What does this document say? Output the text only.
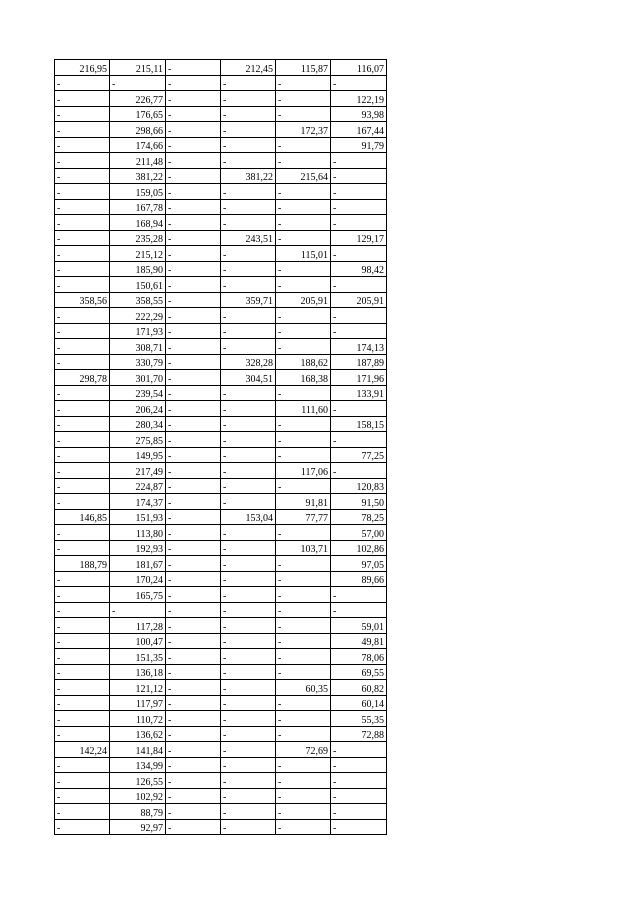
216,95	215,11	-	212,45	115,87	116,07
-	-	-	-	-	-
-	226,77	-	-	-	122,19
-	176,65	-	-	-	93,98
-	298,66	-	-	172,37	167,44
-	174,66	-	-	-	91,79
-	211,48	-	-	-	-
-	381,22	-	381,22	215,64	-
-	159,05	-	-	-	-
-	167,78	-	-	-	-
-	168,94	-	-	-	-
-	235,28	-	243,51	-	129,17
-	215,12	-	-	115,01	-
-	185,90	-	-	-	98,42
-	150,61	-	-	-	-
358,56	358,55	-	359,71	205,91	205,91
-	222,29	-	-	-	-
-	171,93	-	-	-	-
-	308,71	-	-	-	174,13
-	330,79	-	328,28	188,62	187,89
298,78	301,70	-	304,51	168,38	171,96
-	239,54	-	-	-	133,91
-	206,24	-	-	111,60	-
-	280,34	-	-	-	158,15
-	275,85	-	-	-	-
-	149,95	-	-	-	77,25
-	217,49	-	-	117,06	-
-	224,87	-	-	-	120,83
-	174,37	-	-	91,81	91,50
146,85	151,93	-	153,04	77,77	78,25
-	113,80	-	-	-	57,00
-	192,93	-	-	103,71	102,86
188,79	181,67	-	-	-	97,05
-	170,24	-	-	-	89,66
-	165,75	-	-	-	-
-	-	-	-	-	-
-	117,28	-	-	-	59,01
-	100,47	-	-	-	49,81
-	151,35	-	-	-	78,06
-	136,18	-	-	-	69,55
-	121,12	-	-	60,35	60,82
-	117,97	-	-	-	60,14
-	110,72	-	-	-	55,35
-	136,62	-	-	-	72,88
142,24	141,84	-	-	72,69	-
-	134,99	-	-	-	-
-	126,55	-	-	-	-
-	102,92	-	-	-	-
-	88,79	-	-	-	-
-	92,97	-	-	-	-
